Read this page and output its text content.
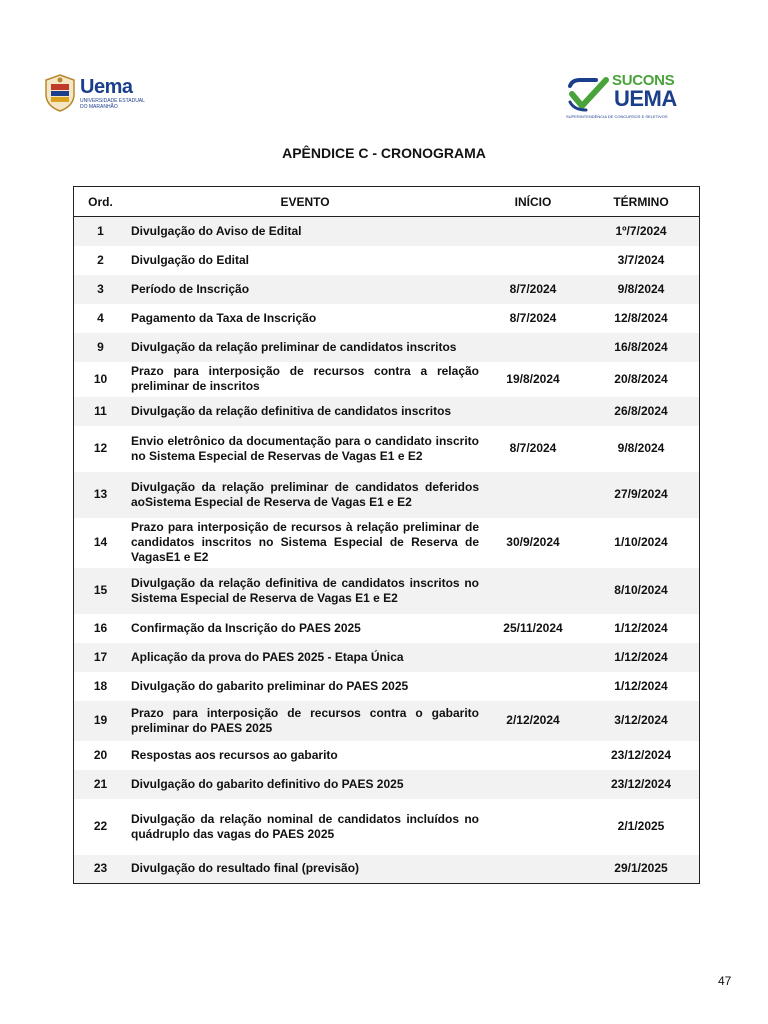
Uema
UNIVERSIDADE ESTADUAL DO MARANHÃO
SUCONS
UEMA
SUPERINTENDÊNCIA DE CONCURSOS E SELETIVOS
APÊNDICE C - CRONOGRAMA
Ord.	EVENTO	INÍCIO	TÉRMINO
1	Divulgação do Aviso de Edital		1º/7/2024
2	Divulgação do Edital		3/7/2024
3	Período de Inscrição	8/7/2024	9/8/2024
4	Pagamento da Taxa de Inscrição	8/7/2024	12/8/2024
9	Divulgação da relação preliminar de candidatos inscritos		16/8/2024
10	Prazo para interposição de recursos contra a relação preliminar de inscritos	19/8/2024	20/8/2024
11	Divulgação da relação definitiva de candidatos inscritos		26/8/2024
12	Envio eletrônico da documentação para o candidato inscrito no Sistema Especial de Reservas de Vagas E1 e E2	8/7/2024	9/8/2024
13	Divulgação da relação preliminar de candidatos deferidos aoSistema Especial de Reserva de Vagas E1 e E2		27/9/2024
14	Prazo para interposição de recursos à relação preliminar de candidatos inscritos no Sistema Especial de Reserva de VagasE1 e E2	30/9/2024	1/10/2024
15	Divulgação da relação definitiva de candidatos inscritos no Sistema Especial de Reserva de Vagas E1 e E2		8/10/2024
16	Confirmação da Inscrição do PAES 2025	25/11/2024	1/12/2024
17	Aplicação da prova do PAES 2025 - Etapa Única		1/12/2024
18	Divulgação do gabarito preliminar do PAES 2025		1/12/2024
19	Prazo para interposição de recursos contra o gabarito preliminar do PAES 2025	2/12/2024	3/12/2024
20	Respostas aos recursos ao gabarito		23/12/2024
21	Divulgação do gabarito definitivo do PAES 2025		23/12/2024
22	Divulgação da relação nominal de candidatos incluídos no quádruplo das vagas do PAES 2025		2/1/2025
23	Divulgação do resultado final (previsão)		29/1/2025
47
